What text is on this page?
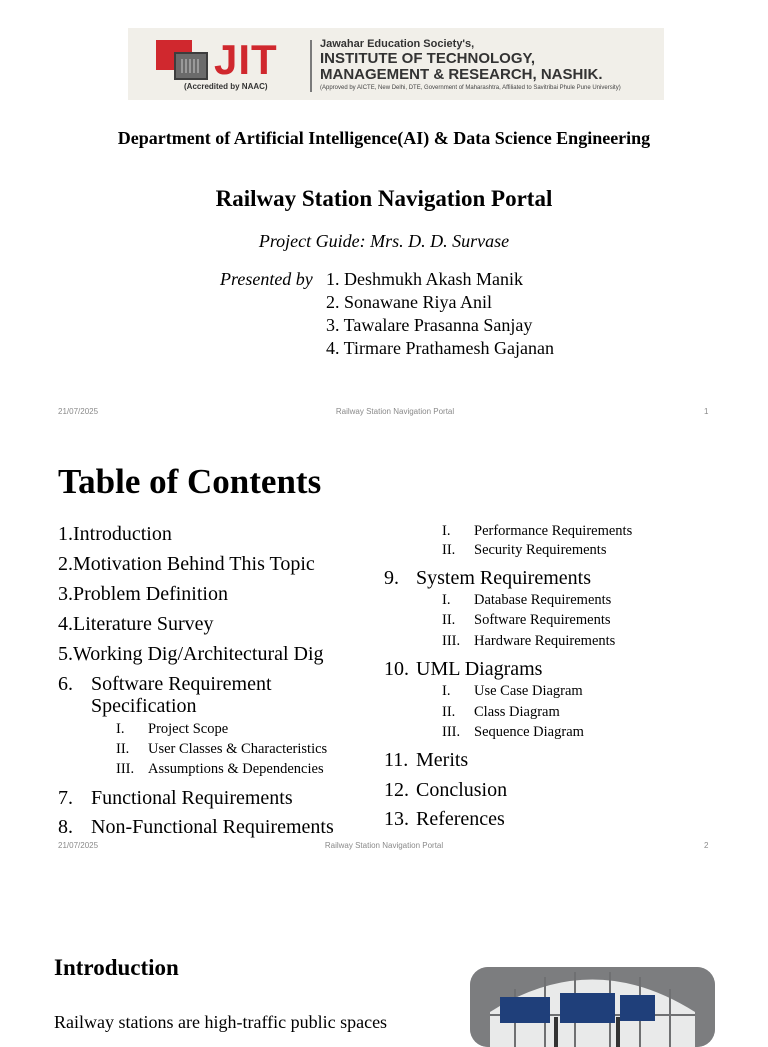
JIT
(Accredited by NAAC)
Jawahar Education Society's,
INSTITUTE OF TECHNOLOGY,
MANAGEMENT & RESEARCH, NASHIK.
(Approved by AICTE, New Delhi, DTE, Government of Maharashtra, Affiliated to Savitribai Phule Pune University)
Department of Artificial Intelligence(AI) & Data Science Engineering
Railway Station Navigation Portal
Project Guide: Mrs. D. D. Survase
Presented by 1. Deshmukh Akash Manik
2. Sonawane Riya Anil
3. Tawalare Prasanna Sanjay
4. Tirmare Prathamesh Gajanan
21/07/2025	Railway Station Navigation Portal	1
Table of Contents
1.Introduction
2.Motivation Behind This Topic
3.Problem Definition
4.Literature Survey
5.Working Dig/Architectural Dig
6. Software Requirement
Specification
I. Project Scope
II. User Classes & Characteristics
III. Assumptions & Dependencies
7. Functional Requirements
8. Non-Functional Requirements
I. Performance Requirements
II. Security Requirements
9. System Requirements
I. Database Requirements
II. Software Requirements
III. Hardware Requirements
10. UML Diagrams
I. Use Case Diagram
II. Class Diagram
III. Sequence Diagram
11. Merits
12. Conclusion
13. References
21/07/2025	Railway Station Navigation Portal	2
Introduction
Railway stations are high-traffic public spaces
